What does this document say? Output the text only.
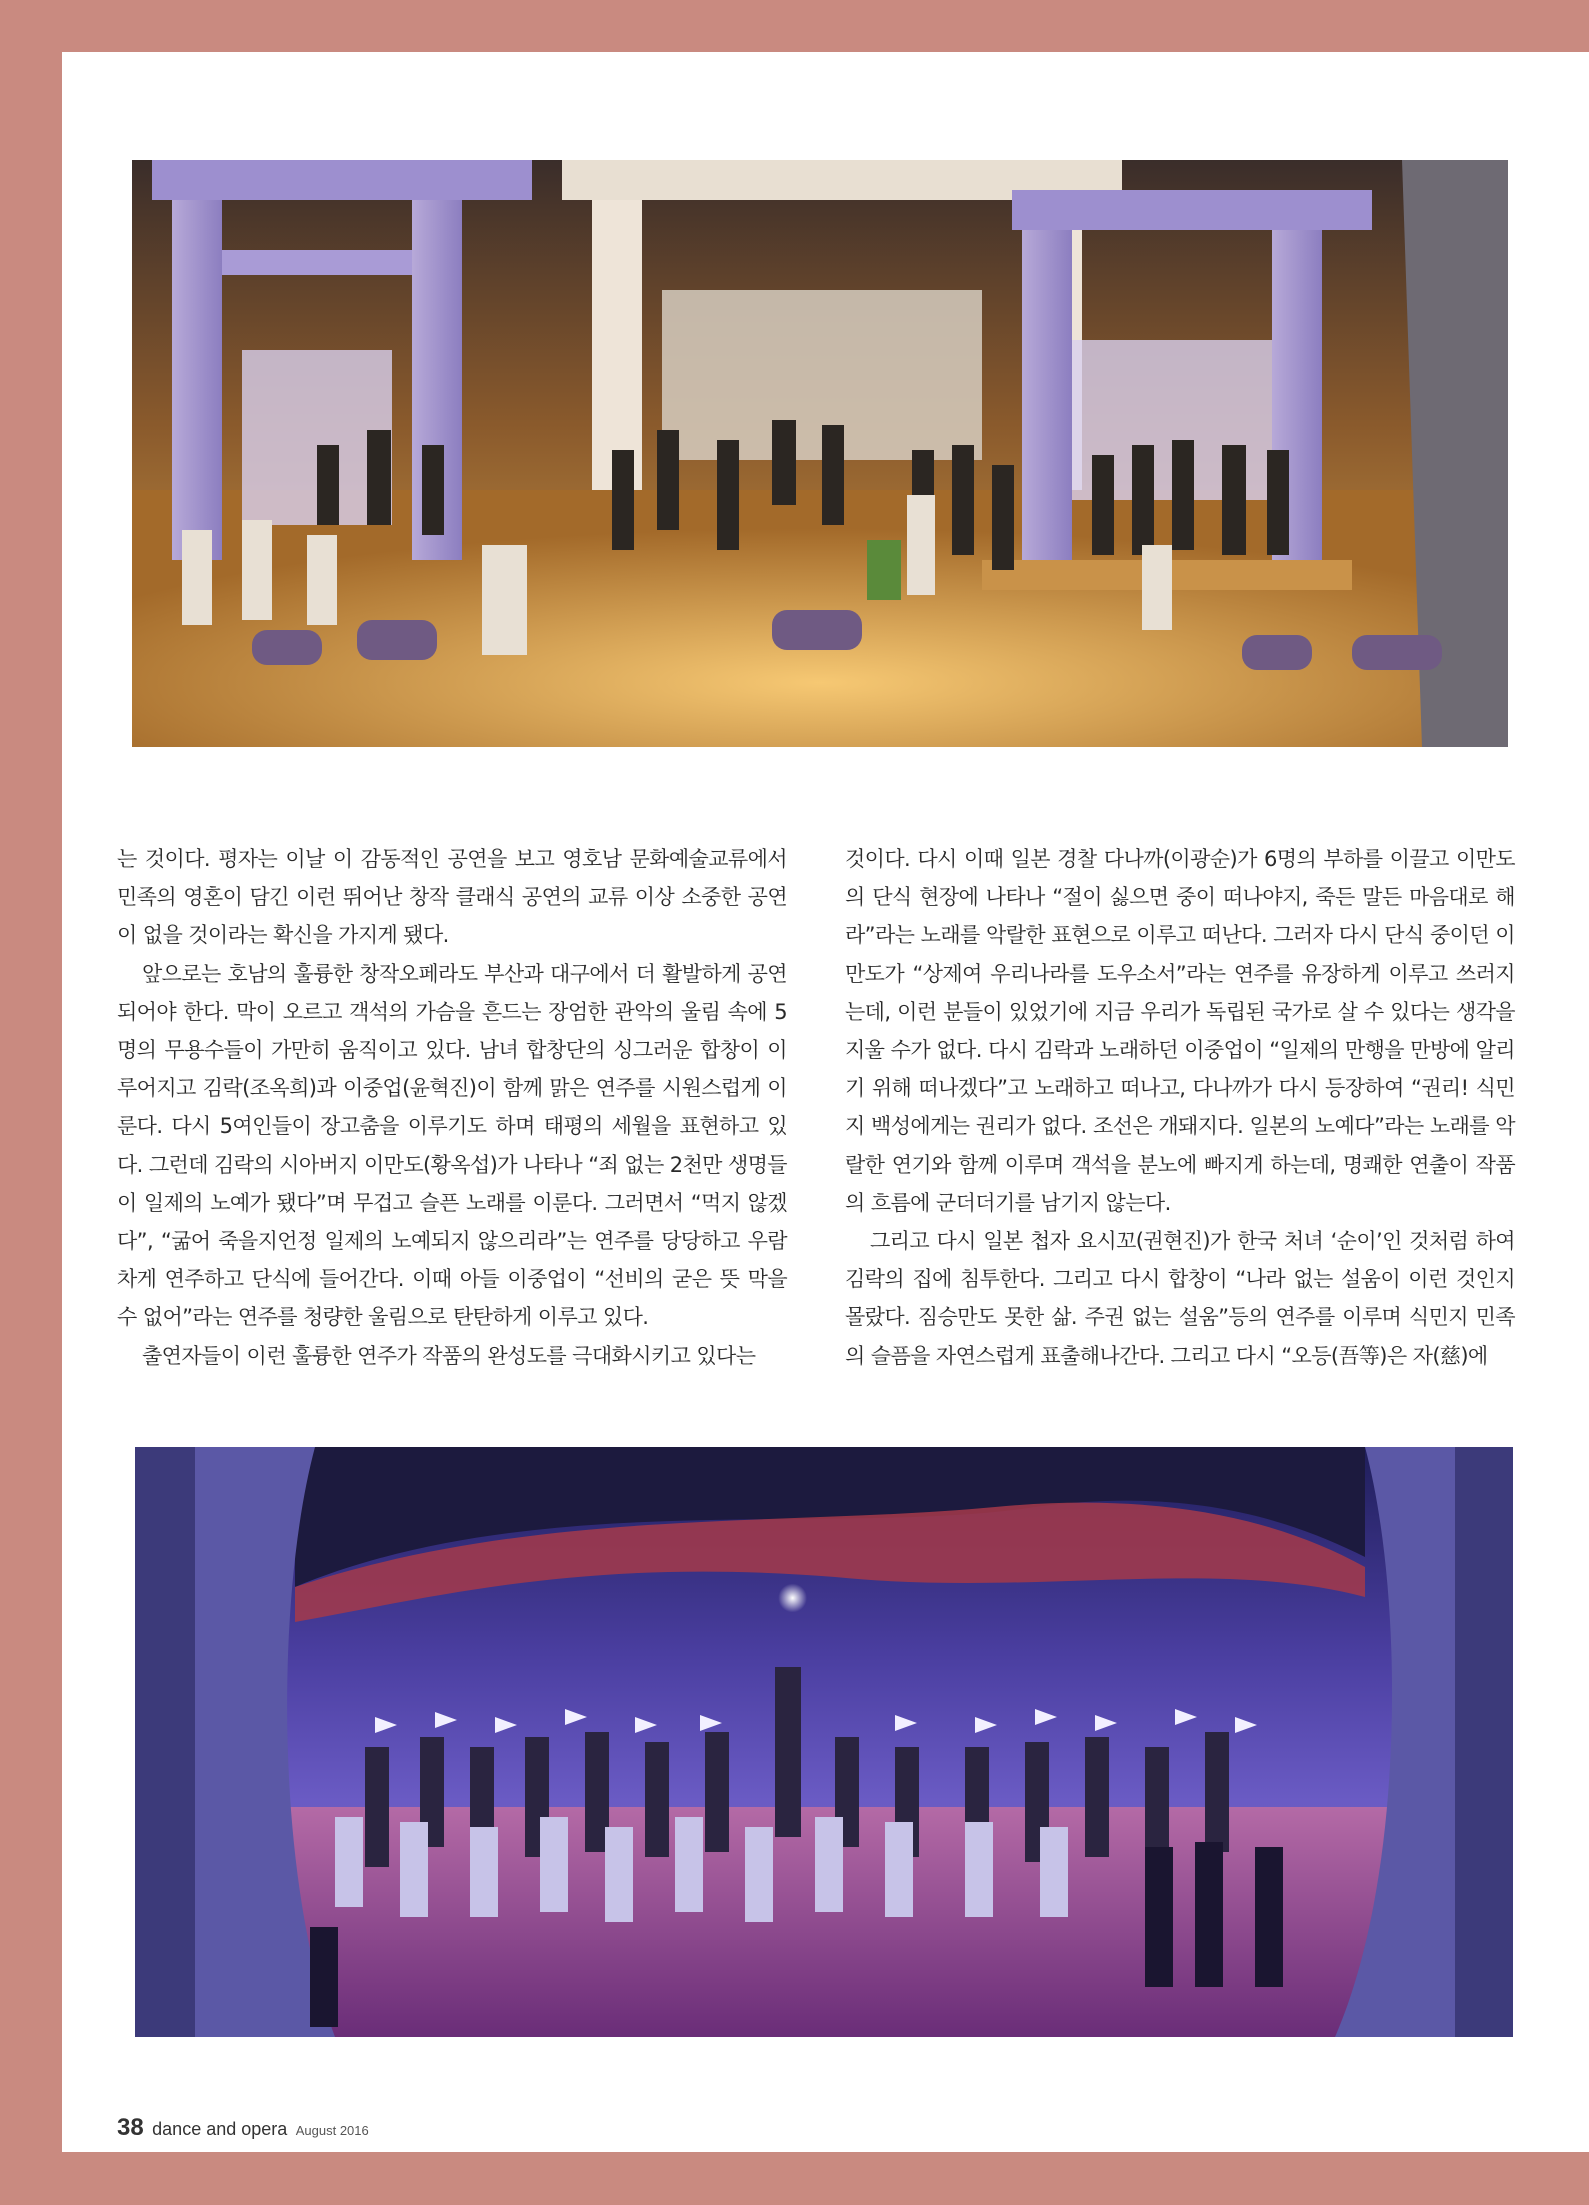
는 것이다. 평자는 이날 이 감동적인 공연을 보고 영호남 문화예술교류에서 민족의 영혼이 담긴 이런 뛰어난 창작 클래식 공연의 교류 이상 소중한 공연이 없을 것이라는 확신을 가지게 됐다.

앞으로는 호남의 훌륭한 창작오페라도 부산과 대구에서 더 활발하게 공연되어야 한다. 막이 오르고 객석의 가슴을 흔드는 장엄한 관악의 울림 속에 5명의 무용수들이 가만히 움직이고 있다. 남녀 합창단의 싱그러운 합창이 이루어지고 김락(조옥희)과 이중업(윤혁진)이 함께 맑은 연주를 시원스럽게 이룬다. 다시 5여인들이 장고춤을 이루기도 하며 태평의 세월을 표현하고 있다. 그런데 김락의 시아버지 이만도(황옥섭)가 나타나 “죄 없는 2천만 생명들이 일제의 노예가 됐다”며 무겁고 슬픈 노래를 이룬다. 그러면서 “먹지 않겠다”, “굶어 죽을지언정 일제의 노예되지 않으리라”는 연주를 당당하고 우람차게 연주하고 단식에 들어간다. 이때 아들 이중업이 “선비의 굳은 뜻 막을 수 없어”라는 연주를 청량한 울림으로 탄탄하게 이루고 있다.

출연자들이 이런 훌륭한 연주가 작품의 완성도를 극대화시키고 있다는

것이다. 다시 이때 일본 경찰 다나까(이광순)가 6명의 부하를 이끌고 이만도의 단식 현장에 나타나 “절이 싫으면 중이 떠나야지, 죽든 말든 마음대로 해라”라는 노래를 악랄한 표현으로 이루고 떠난다. 그러자 다시 단식 중이던 이만도가 “상제여 우리나라를 도우소서”라는 연주를 유장하게 이루고 쓰러지는데, 이런 분들이 있었기에 지금 우리가 독립된 국가로 살 수 있다는 생각을 지울 수가 없다. 다시 김락과 노래하던 이중업이 “일제의 만행을 만방에 알리기 위해 떠나겠다”고 노래하고 떠나고, 다나까가 다시 등장하여 “권리! 식민지 백성에게는 권리가 없다. 조선은 개돼지다. 일본의 노예다”라는 노래를 악랄한 연기와 함께 이루며 객석을 분노에 빠지게 하는데, 명쾌한 연출이 작품의 흐름에 군더더기를 남기지 않는다.

그리고 다시 일본 첩자 요시꼬(권현진)가 한국 처녀 ‘순이’인 것처럼 하여 김락의 집에 침투한다. 그리고 다시 합창이 “나라 없는 설움이 이런 것인지 몰랐다. 짐승만도 못한 삶. 주권 없는 설움”등의 연주를 이루며 식민지 민족의 슬픔을 자연스럽게 표출해나간다. 그리고 다시 “오등(吾等)은 자(慈)에

38 dance and opera August 2016
